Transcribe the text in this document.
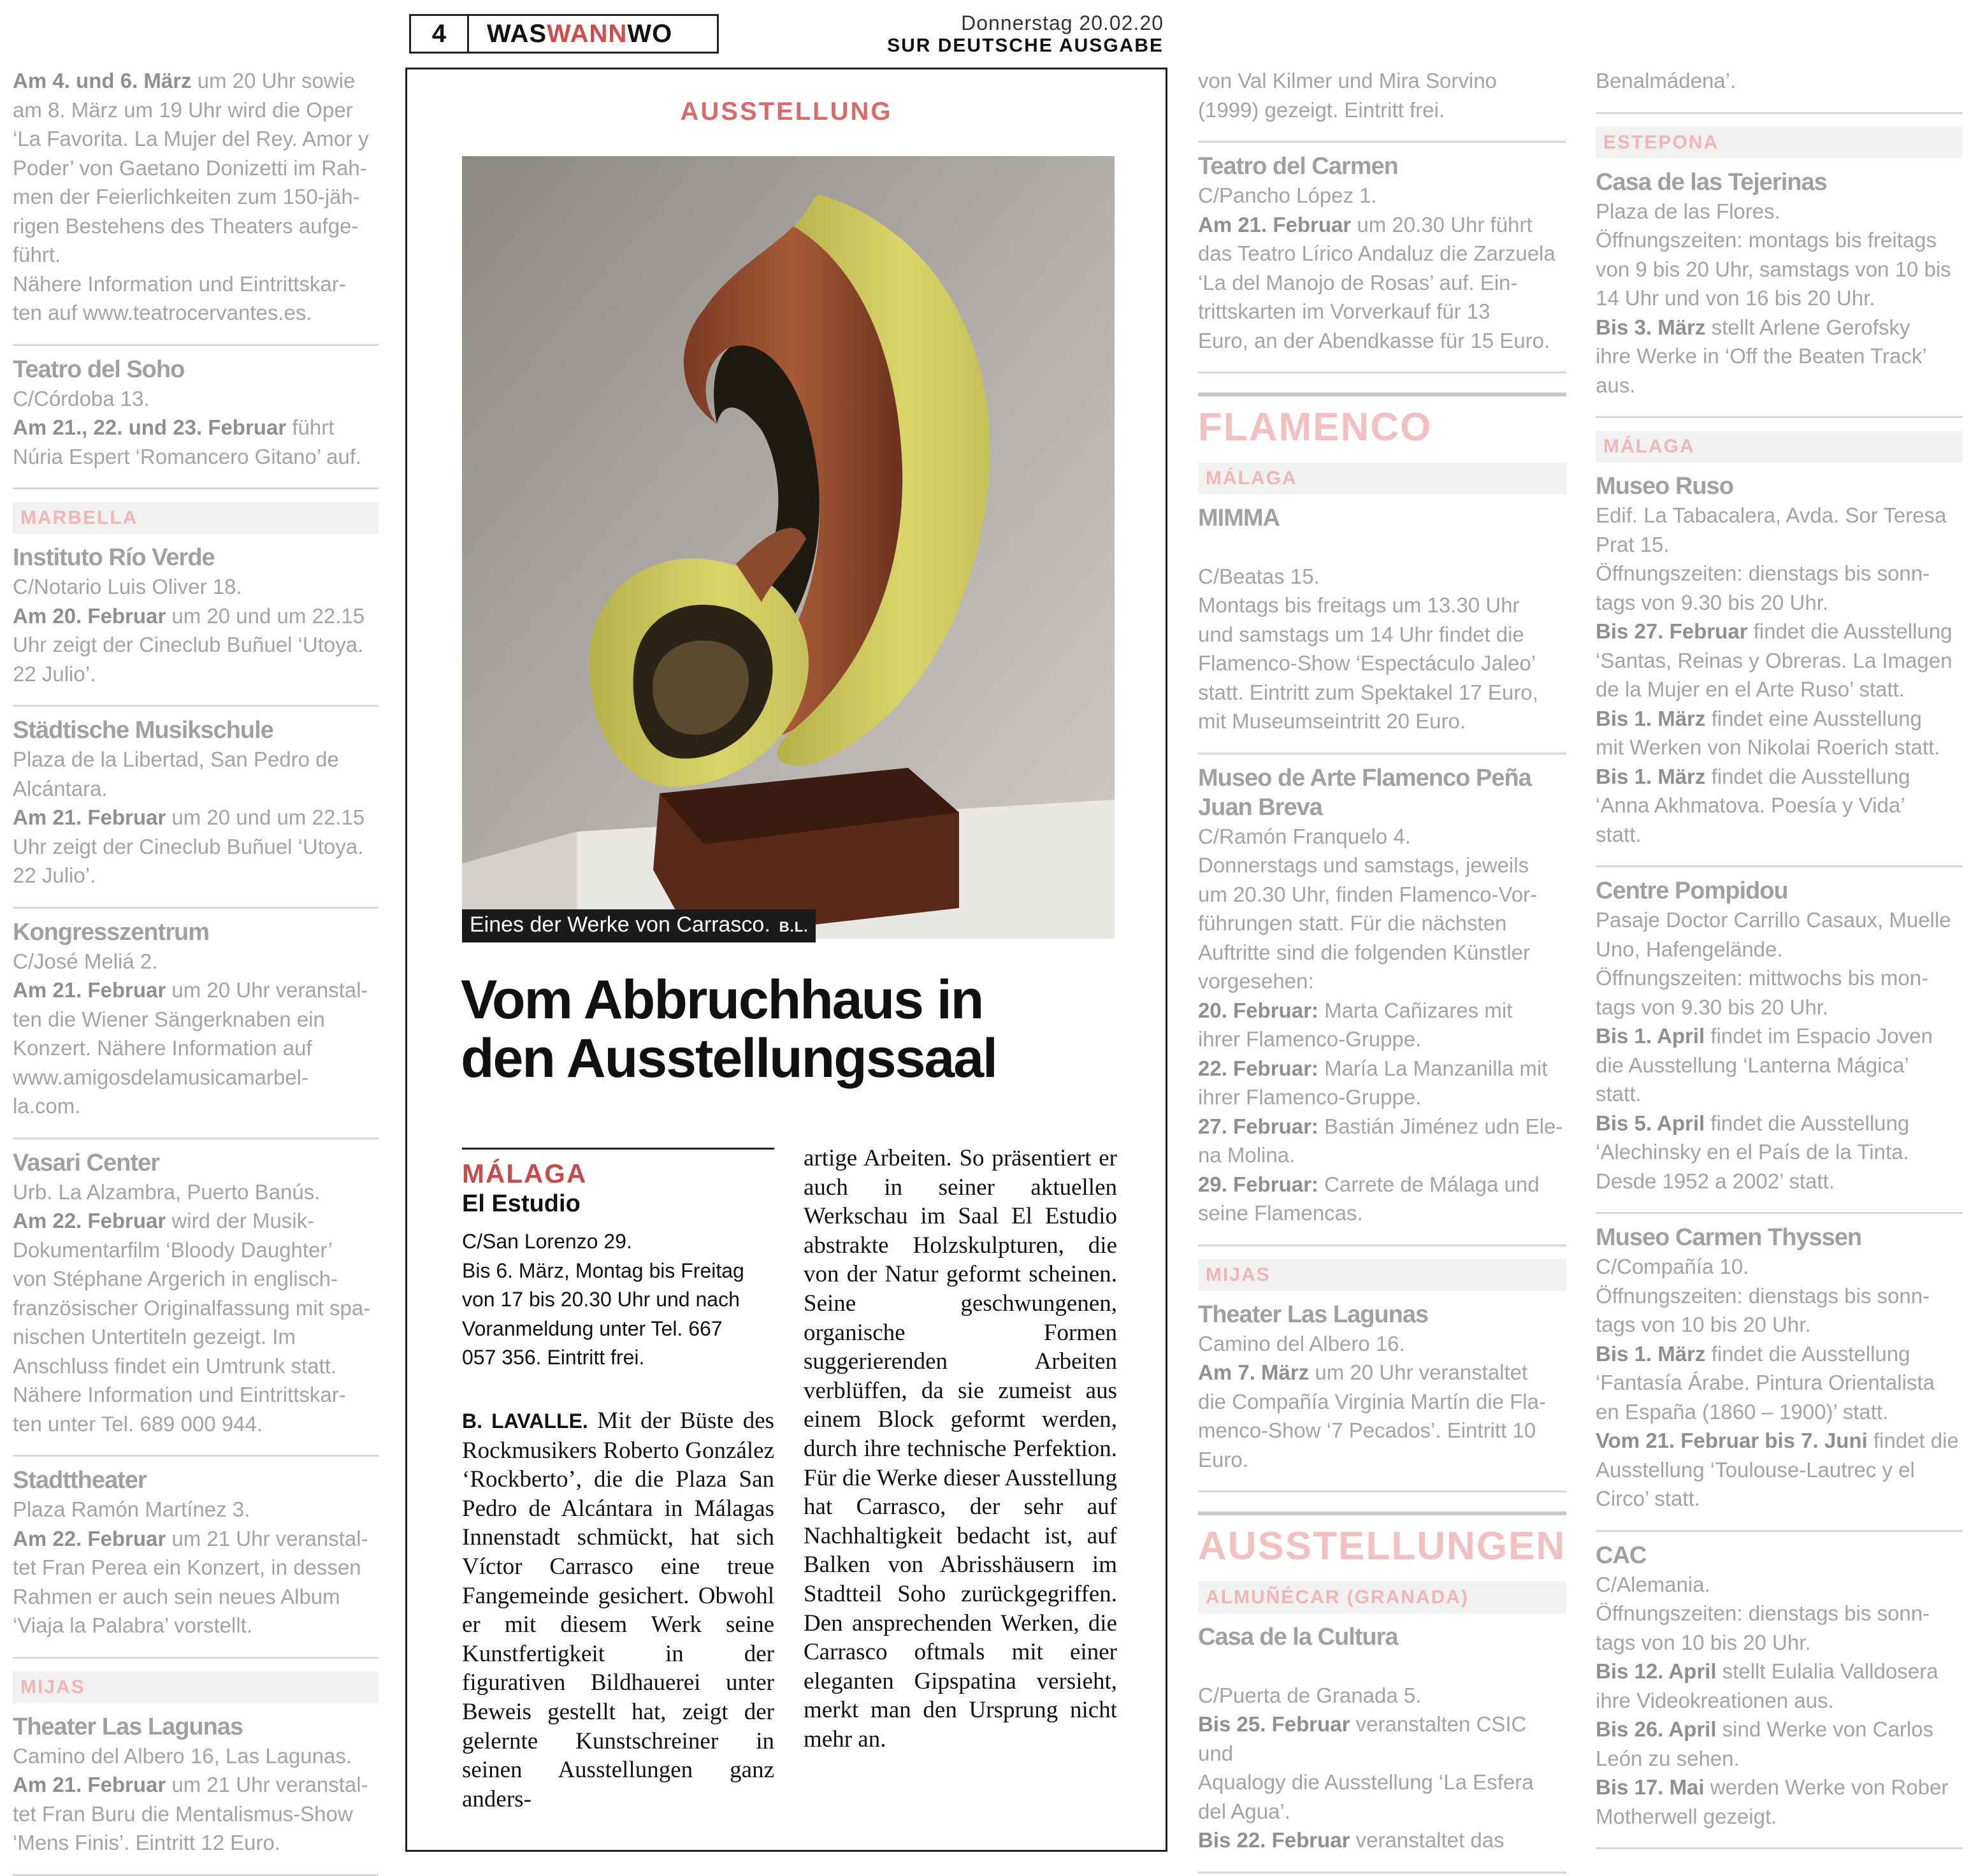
4	WASWANNWO	Donnerstag 20.02.20
SUR DEUTSCHE AUSGABE

Am 4. und 6. März um 20 Uhr sowie

am 8. März um 19 Uhr wird die Oper

‘La Favorita. La Mujer del Rey. Amor y

Poder’ von Gaetano Donizetti im Rah-

men der Feierlichkeiten zum 150-jäh-

rigen Bestehens des Theaters aufge-

führt.

Nähere Information und Eintrittskar-

ten auf www.teatrocervantes.es.

Teatro del Soho

C/Córdoba 13.

Am 21., 22. und 23. Februar führt

Núria Espert ‘Romancero Gitano’ auf.

MARBELLA

Instituto Río Verde

C/Notario Luis Oliver 18.

Am 20. Februar um 20 und um 22.15

Uhr zeigt der Cineclub Buñuel ‘Utoya.

22 Julio’.

Städtische Musikschule

Plaza de la Libertad, San Pedro de

Alcántara.

Am 21. Februar um 20 und um 22.15

Uhr zeigt der Cineclub Buñuel ‘Utoya.

22 Julio’.

Kongresszentrum

C/José Meliá 2.

Am 21. Februar um 20 Uhr veranstal-

ten die Wiener Sängerknaben ein

Konzert. Nähere Information auf

www.amigosdelamusicamarbel-

la.com.

Vasari Center

Urb. La Alzambra, Puerto Banús.

Am 22. Februar wird der Musik-

Dokumentarfilm ‘Bloody Daughter’

von Stéphane Argerich in englisch-

französischer Originalfassung mit spa-

nischen Untertiteln gezeigt. Im

Anschluss findet ein Umtrunk statt.

Nähere Information und Eintrittskar-

ten unter Tel. 689 000 944.

Stadttheater

Plaza Ramón Martínez 3.

Am 22. Februar um 21 Uhr veranstal-

tet Fran Perea ein Konzert, in dessen

Rahmen er auch sein neues Album

‘Viaja la Palabra’ vorstellt.

MIJAS

Theater Las Lagunas

Camino del Albero 16, Las Lagunas.

Am 21. Februar um 21 Uhr veranstal-

tet Fran Buru die Mentalismus-Show

‘Mens Finis’. Eintritt 12 Euro.

AUSSTELLUNG
Eines der Werke von Carrasco. B.L.
Vom Abbruchhaus in den Ausstellungssaal

MÁLAGA

El Estudio

C/San Lorenzo 29.

Bis 6. März, Montag bis Freitag

von 17 bis 20.30 Uhr und nach

Voranmeldung unter Tel. 667

057 356. Eintritt frei.

B. LAVALLE. Mit der Büste des Rockmusikers Roberto González ‘Rockberto’, die die Plaza San Pedro de Alcántara in Málagas Innenstadt schmückt, hat sich Víctor Carrasco eine treue Fangemeinde gesichert. Obwohl er mit diesem Werk seine Kunstfertigkeit in der figurativen Bildhauerei unter Beweis gestellt hat, zeigt der gelernte Kunstschreiner in seinen Ausstellungen ganz anders-

artige Arbeiten. So präsentiert er auch in seiner aktuellen Werkschau im Saal El Estudio abstrakte Holzskulpturen, die von der Natur geformt scheinen. Seine geschwungenen, organische Formen suggerierenden Arbeiten verblüffen, da sie zumeist aus einem Block geformt werden, durch ihre technische Perfektion. Für die Werke dieser Ausstellung hat Carrasco, der sehr auf Nachhaltigkeit bedacht ist, auf Balken von Abrisshäusern im Stadtteil Soho zurückgegriffen. Den ansprechenden Werken, die Carrasco oftmals mit einer eleganten Gipspatina versieht, merkt man den Ursprung nicht mehr an.

von Val Kilmer und Mira Sorvino

(1999) gezeigt. Eintritt frei.

Teatro del Carmen

C/Pancho López 1.

Am 21. Februar um 20.30 Uhr führt

das Teatro Lírico Andaluz die Zarzuela

‘La del Manojo de Rosas’ auf. Ein-

trittskarten im Vorverkauf für 13

Euro, an der Abendkasse für 15 Euro.

FLAMENCO
MÁLAGA

MIMMA

C/Beatas 15.

Montags bis freitags um 13.30 Uhr

und samstags um 14 Uhr findet die

Flamenco-Show ‘Espectáculo Jaleo’

statt. Eintritt zum Spektakel 17 Euro,

mit Museumseintritt 20 Euro.

Museo de Arte Flamenco Peña Juan Breva

C/Ramón Franquelo 4.

Donnerstags und samstags, jeweils

um 20.30 Uhr, finden Flamenco-Vor-

führungen statt. Für die nächsten

Auftritte sind die folgenden Künstler

vorgesehen:

20. Februar: Marta Cañizares mit

ihrer Flamenco-Gruppe.

22. Februar: María La Manzanilla mit

ihrer Flamenco-Gruppe.

27. Februar: Bastián Jiménez udn Ele-

na Molina.

29. Februar: Carrete de Málaga und

seine Flamencas.

MIJAS

Theater Las Lagunas

Camino del Albero 16.

Am 7. März um 20 Uhr veranstaltet

die Compañía Virginia Martín die Fla-

menco-Show ‘7 Pecados’. Eintritt 10

Euro.

AUSSTELLUNGEN
ALMUÑÉCAR (GRANADA)

Casa de la Cultura

C/Puerta de Granada 5.

Bis 25. Februar veranstalten CSIC und

Aqualogy die Ausstellung ‘La Esfera

del Agua’.

Bis 22. Februar veranstaltet das

Benalmádena’.

ESTEPONA

Casa de las Tejerinas

Plaza de las Flores.

Öffnungszeiten: montags bis freitags

von 9 bis 20 Uhr, samstags von 10 bis

14 Uhr und von 16 bis 20 Uhr.

Bis 3. März stellt Arlene Gerofsky

ihre Werke in ‘Off the Beaten Track’

aus.

MÁLAGA

Museo Ruso

Edif. La Tabacalera, Avda. Sor Teresa

Prat 15.

Öffnungszeiten: dienstags bis sonn-

tags von 9.30 bis 20 Uhr.

Bis 27. Februar findet die Ausstellung

‘Santas, Reinas y Obreras. La Imagen

de la Mujer en el Arte Ruso’ statt.

Bis 1. März findet eine Ausstellung

mit Werken von Nikolai Roerich statt.

Bis 1. März findet die Ausstellung

‘Anna Akhmatova. Poesía y Vida’

statt.

Centre Pompidou

Pasaje Doctor Carrillo Casaux, Muelle

Uno, Hafengelände.

Öffnungszeiten: mittwochs bis mon-

tags von 9.30 bis 20 Uhr.

Bis 1. April findet im Espacio Joven

die Ausstellung ‘Lanterna Mágica’

statt.

Bis 5. April findet die Ausstellung

‘Alechinsky en el País de la Tinta.

Desde 1952 a 2002’ statt.

Museo Carmen Thyssen

C/Compañía 10.

Öffnungszeiten: dienstags bis sonn-

tags von 10 bis 20 Uhr.

Bis 1. März findet die Ausstellung

‘Fantasía Árabe. Pintura Orientalista

en España (1860 – 1900)’ statt.

Vom 21. Februar bis 7. Juni findet die

Ausstellung ‘Toulouse-Lautrec y el

Circo’ statt.

CAC

C/Alemania.

Öffnungszeiten: dienstags bis sonn-

tags von 10 bis 20 Uhr.

Bis 12. April stellt Eulalia Valldosera

ihre Videokreationen aus.

Bis 26. April sind Werke von Carlos

León zu sehen.

Bis 17. Mai werden Werke von Rober

Motherwell gezeigt.
